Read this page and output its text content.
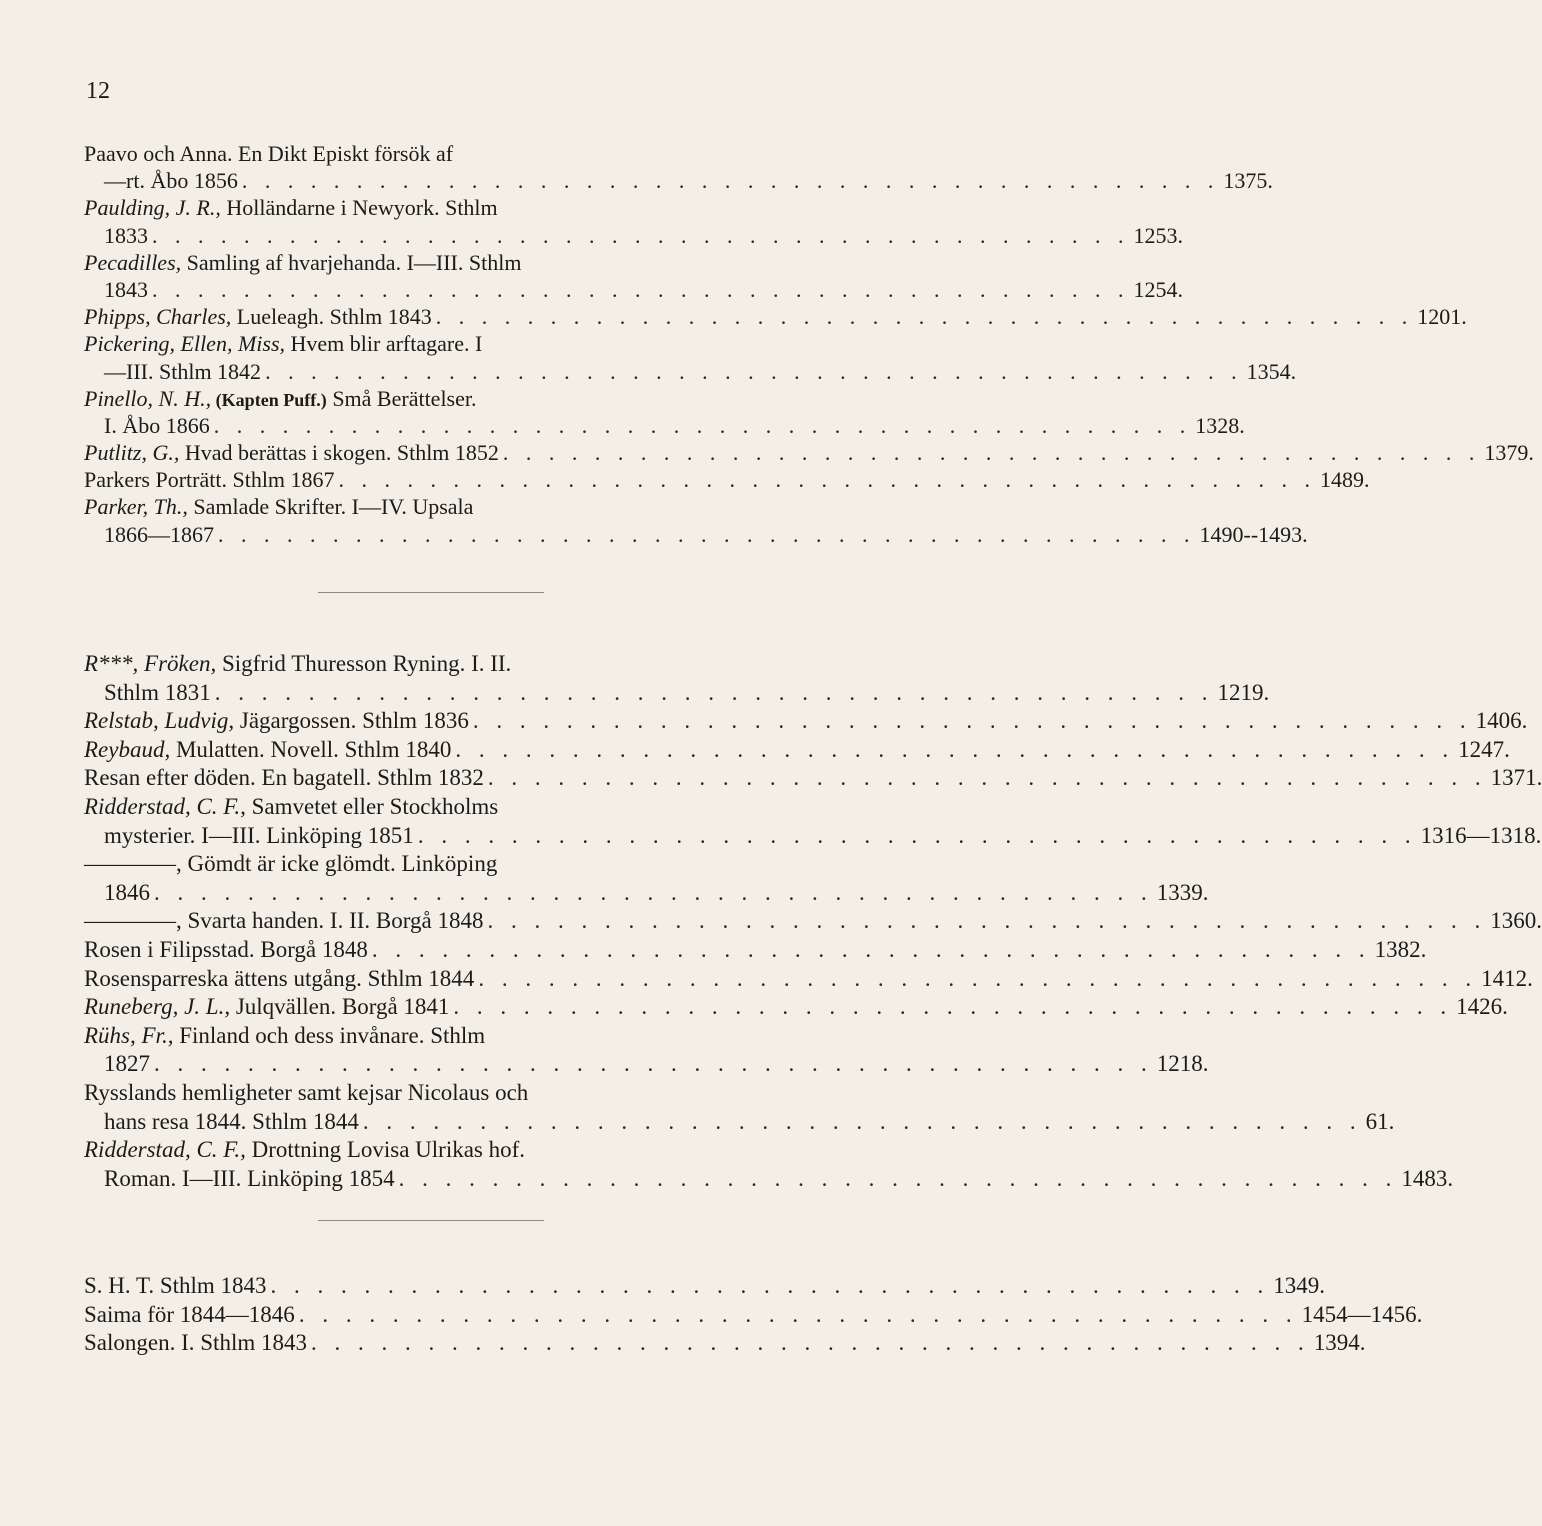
12
Paavo och Anna. En Dikt Episkt försök af
—rt. Åbo 1856 . . . . . . . . . . . . . . . . . . . . . . . . . . . . . . . . . . . . . . . . . . . 1375.
Paulding, J. R., Holländarne i Newyork. Sthlm
1833 . . . . . . . . . . . . . . . . . . . . . . . . . . . . . . . . . . . . . . . . . . . 1253.
Pecadilles, Samling af hvarjehanda. I—III. Sthlm
1843 . . . . . . . . . . . . . . . . . . . . . . . . . . . . . . . . . . . . . . . . . . . 1254.
Phipps, Charles, Lueleagh. Sthlm 1843 . . . . . . . . . . . . . . . . . . . . . . . . . . . . . . . . . . . . . . . . . . . 1201.
Pickering, Ellen, Miss, Hvem blir arftagare. I
—III. Sthlm 1842 . . . . . . . . . . . . . . . . . . . . . . . . . . . . . . . . . . . . . . . . . . . 1354.
Pinello, N. H., (Kapten Puff.) Små Berättelser.
I. Åbo 1866 . . . . . . . . . . . . . . . . . . . . . . . . . . . . . . . . . . . . . . . . . . . 1328.
Putlitz, G., Hvad berättas i skogen. Sthlm 1852 . . . . . . . . . . . . . . . . . . . . . . . . . . . . . . . . . . . . . . . . . . . 1379.
Parkers Porträtt. Sthlm 1867 . . . . . . . . . . . . . . . . . . . . . . . . . . . . . . . . . . . . . . . . . . . 1489.
Parker, Th., Samlade Skrifter. I—IV. Upsala
1866—1867 . . . . . . . . . . . . . . . . . . . . . . . . . . . . . . . . . . . . . . . . . . . 1490--1493.
R***, Fröken, Sigfrid Thuresson Ryning. I. II.
Sthlm 1831 . . . . . . . . . . . . . . . . . . . . . . . . . . . . . . . . . . . . . . . . . . . 1219.
Relstab, Ludvig, Jägargossen. Sthlm 1836 . . . . . . . . . . . . . . . . . . . . . . . . . . . . . . . . . . . . . . . . . . . 1406.
Reybaud, Mulatten. Novell. Sthlm 1840 . . . . . . . . . . . . . . . . . . . . . . . . . . . . . . . . . . . . . . . . . . . 1247.
Resan efter döden. En bagatell. Sthlm 1832 . . . . . . . . . . . . . . . . . . . . . . . . . . . . . . . . . . . . . . . . . . . 1371.
Ridderstad, C. F., Samvetet eller Stockholms
mysterier. I—III. Linköping 1851 . . . . . . . . . . . . . . . . . . . . . . . . . . . . . . . . . . . . . . . . . . . 1316—1318.
————, Gömdt är icke glömdt. Linköping
1846 . . . . . . . . . . . . . . . . . . . . . . . . . . . . . . . . . . . . . . . . . . . 1339.
————, Svarta handen. I. II. Borgå 1848 . . . . . . . . . . . . . . . . . . . . . . . . . . . . . . . . . . . . . . . . . . . 1360.
Rosen i Filipsstad. Borgå 1848 . . . . . . . . . . . . . . . . . . . . . . . . . . . . . . . . . . . . . . . . . . . 1382.
Rosensparreska ättens utgång. Sthlm 1844 . . . . . . . . . . . . . . . . . . . . . . . . . . . . . . . . . . . . . . . . . . . 1412.
Runeberg, J. L., Julqvällen. Borgå 1841 . . . . . . . . . . . . . . . . . . . . . . . . . . . . . . . . . . . . . . . . . . . 1426.
Rühs, Fr., Finland och dess invånare. Sthlm
1827 . . . . . . . . . . . . . . . . . . . . . . . . . . . . . . . . . . . . . . . . . . . 1218.
Rysslands hemligheter samt kejsar Nicolaus och
hans resa 1844. Sthlm 1844 . . . . . . . . . . . . . . . . . . . . . . . . . . . . . . . . . . . . . . . . . . . 61.
Ridderstad, C. F., Drottning Lovisa Ulrikas hof.
Roman. I—III. Linköping 1854 . . . . . . . . . . . . . . . . . . . . . . . . . . . . . . . . . . . . . . . . . . . 1483.
S. H. T. Sthlm 1843 . . . . . . . . . . . . . . . . . . . . . . . . . . . . . . . . . . . . . . . . . . . 1349.
Saima för 1844—1846 . . . . . . . . . . . . . . . . . . . . . . . . . . . . . . . . . . . . . . . . . . . 1454—1456.
Salongen. I. Sthlm 1843 . . . . . . . . . . . . . . . . . . . . . . . . . . . . . . . . . . . . . . . . . . . 1394.
